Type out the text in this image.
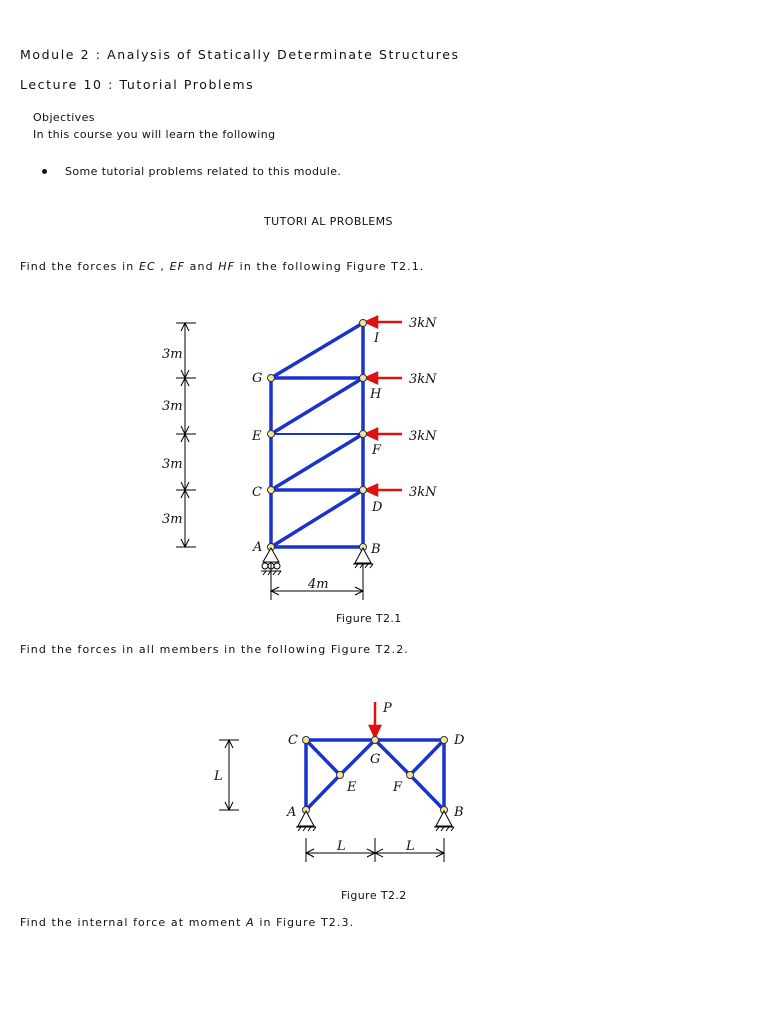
Module 2 : Analysis of Statically Determinate Structures
Lecture 10 : Tutorial Problems
Objectives
In this course you will learn the following
Some tutorial problems related to this module.
TUTORI AL PROBLEMS
Find the forces in EC , EF and HF in the following Figure T2.1.
3m
3m
3m
3m
4m
3kN
3kN
3kN
3kN
I
G
H
E
F
C
D
A	B
P
L
L	L
C
G
D
E	F
A	B
Figure T2.1
Find the forces in all members in the following Figure T2.2.
Figure T2.2
Find the internal force at moment A in Figure T2.3.
